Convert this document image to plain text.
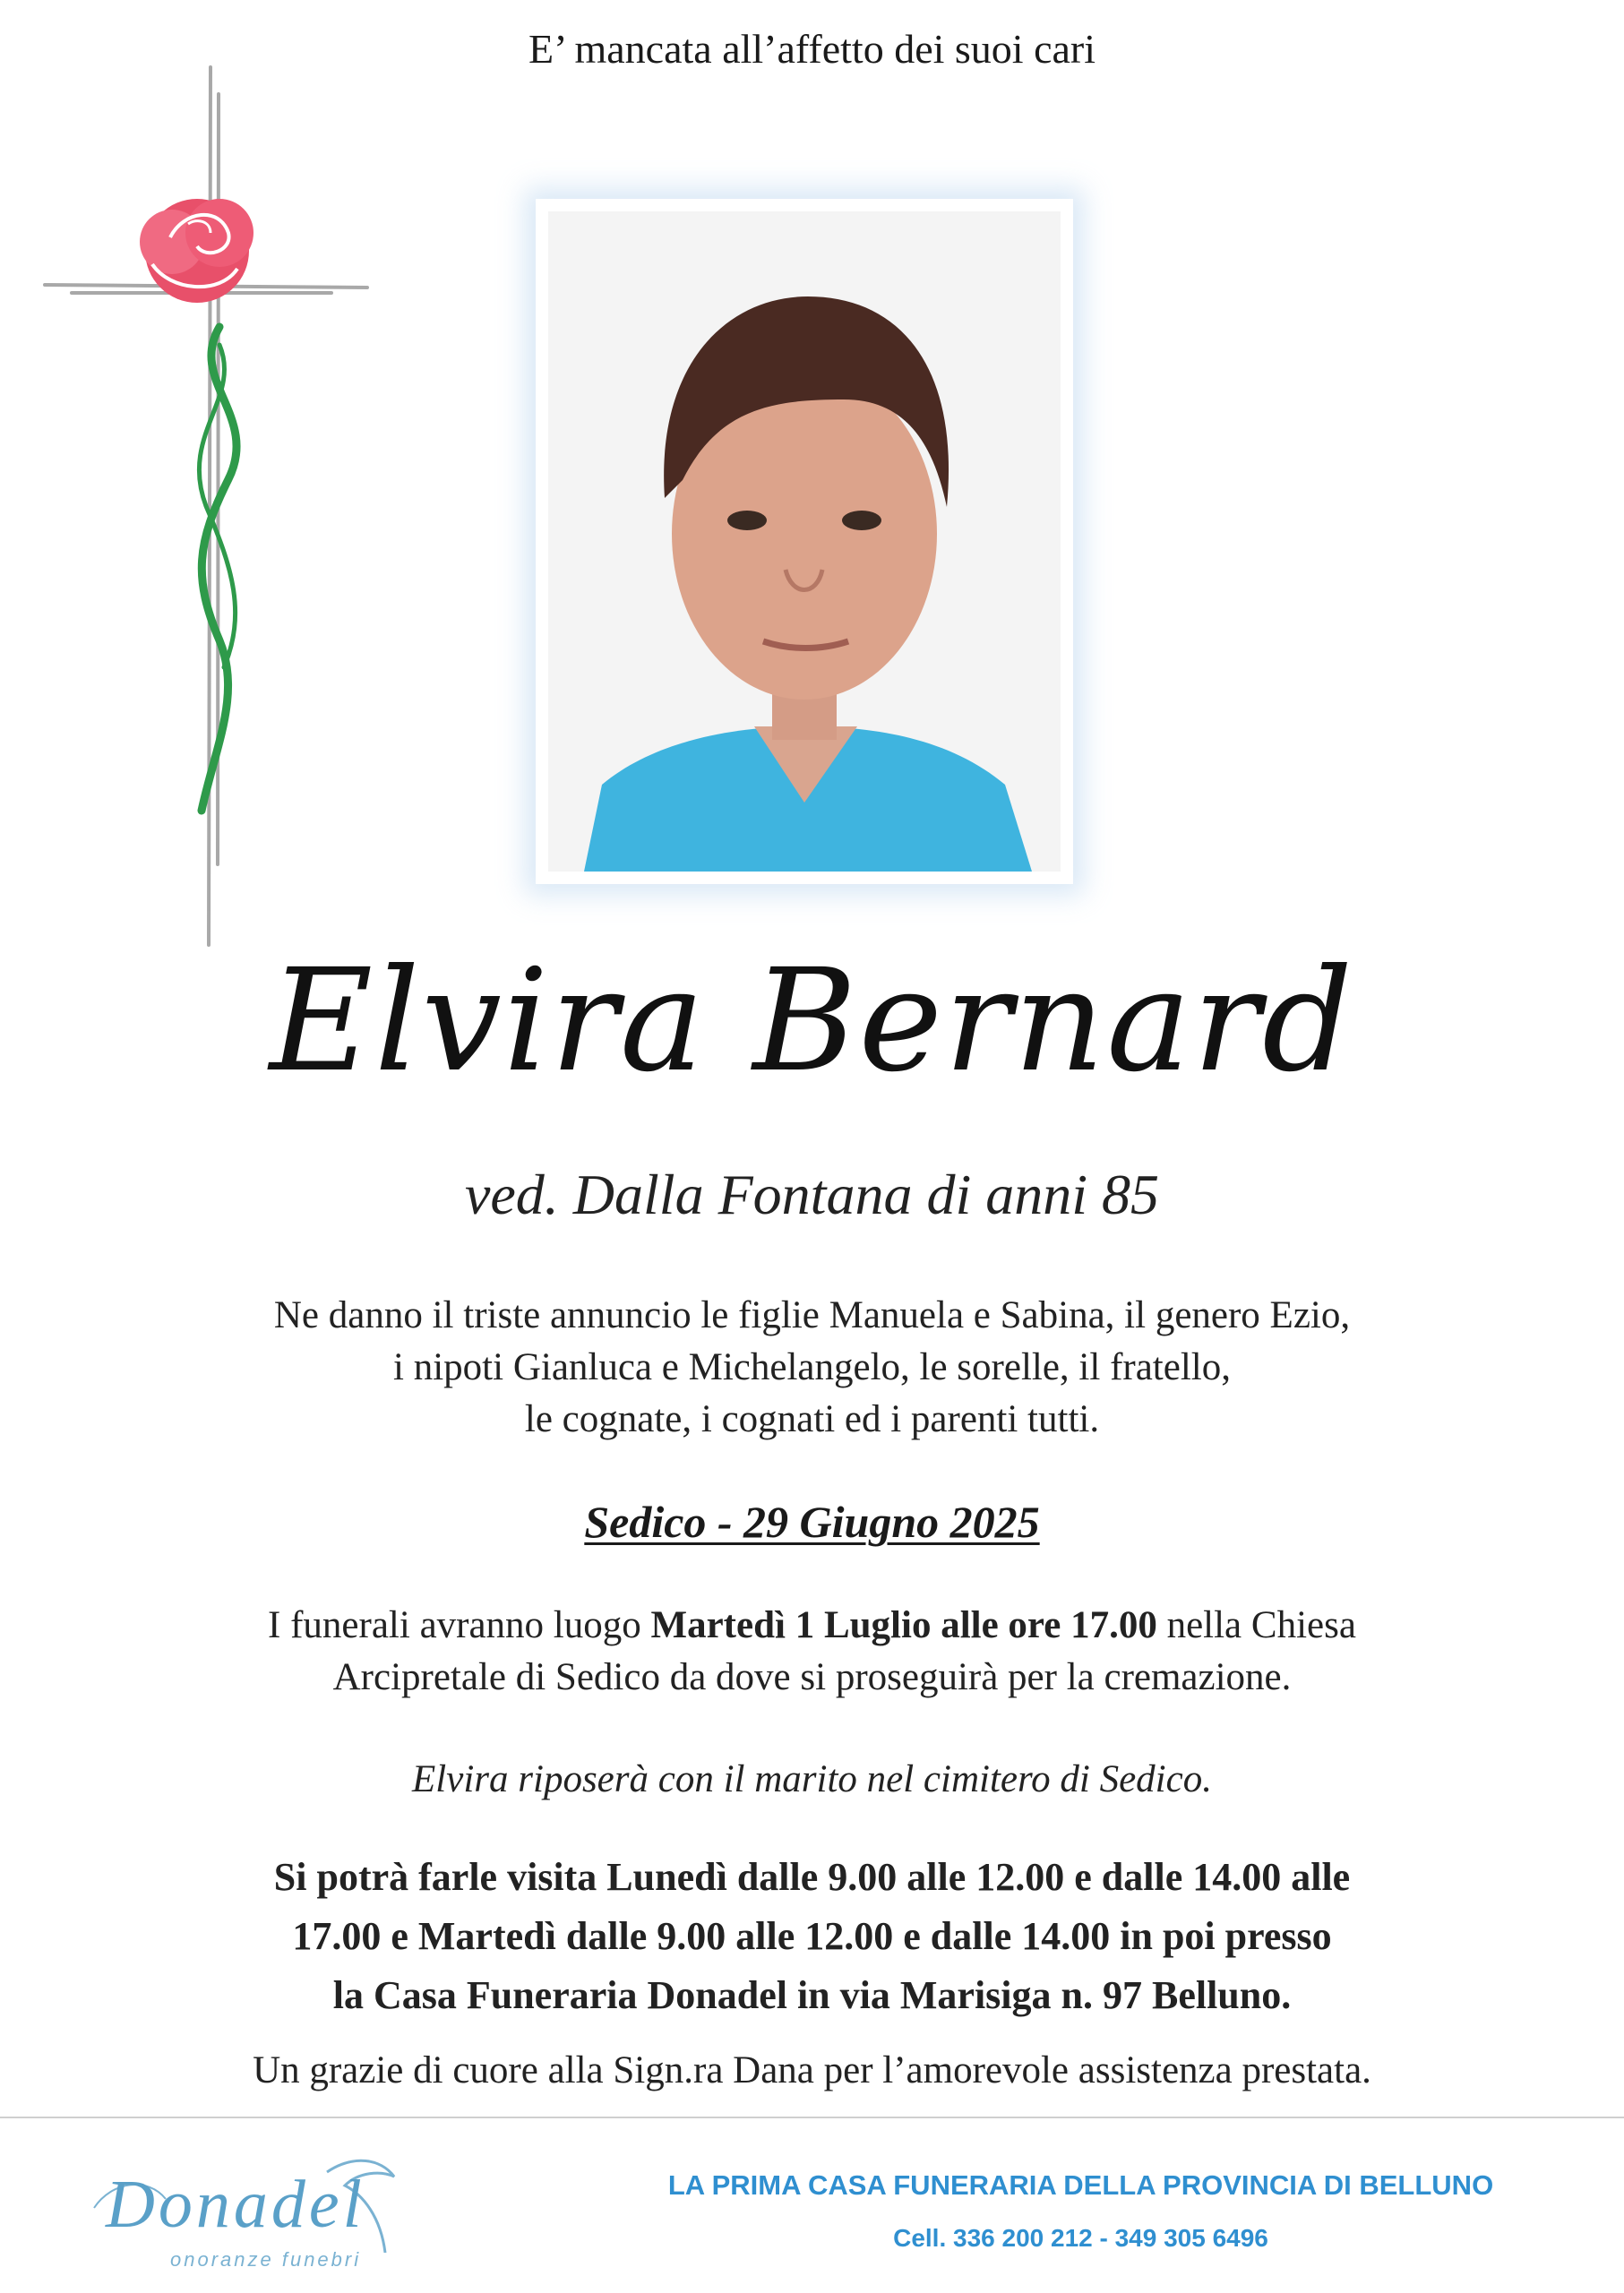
E’ mancata all’affetto dei suoi cari
Elvira Bernard
ved. Dalla Fontana di anni 85
Ne danno il triste annuncio le figlie Manuela e Sabina, il genero Ezio,
i nipoti Gianluca e Michelangelo, le sorelle, il fratello,
le cognate, i cognati ed i parenti tutti.
Sedico - 29 Giugno 2025
I funerali avranno luogo Martedì 1 Luglio alle ore 17.00 nella Chiesa
Arcipretale di Sedico da dove si proseguirà per la cremazione.
Elvira riposerà con il marito nel cimitero di Sedico.
Si potrà farle visita Lunedì dalle 9.00 alle 12.00 e dalle 14.00 alle
17.00 e Martedì dalle 9.00 alle 12.00 e dalle 14.00 in poi presso
la Casa Funeraria Donadel in via Marisiga n. 97 Belluno.
Un grazie di cuore alla Sign.ra Dana per l’amorevole assistenza prestata.
Donadel
onoranze funebri
LA PRIMA CASA FUNERARIA DELLA PROVINCIA DI BELLUNO
Cell. 336 200 212 - 349 305 6496
